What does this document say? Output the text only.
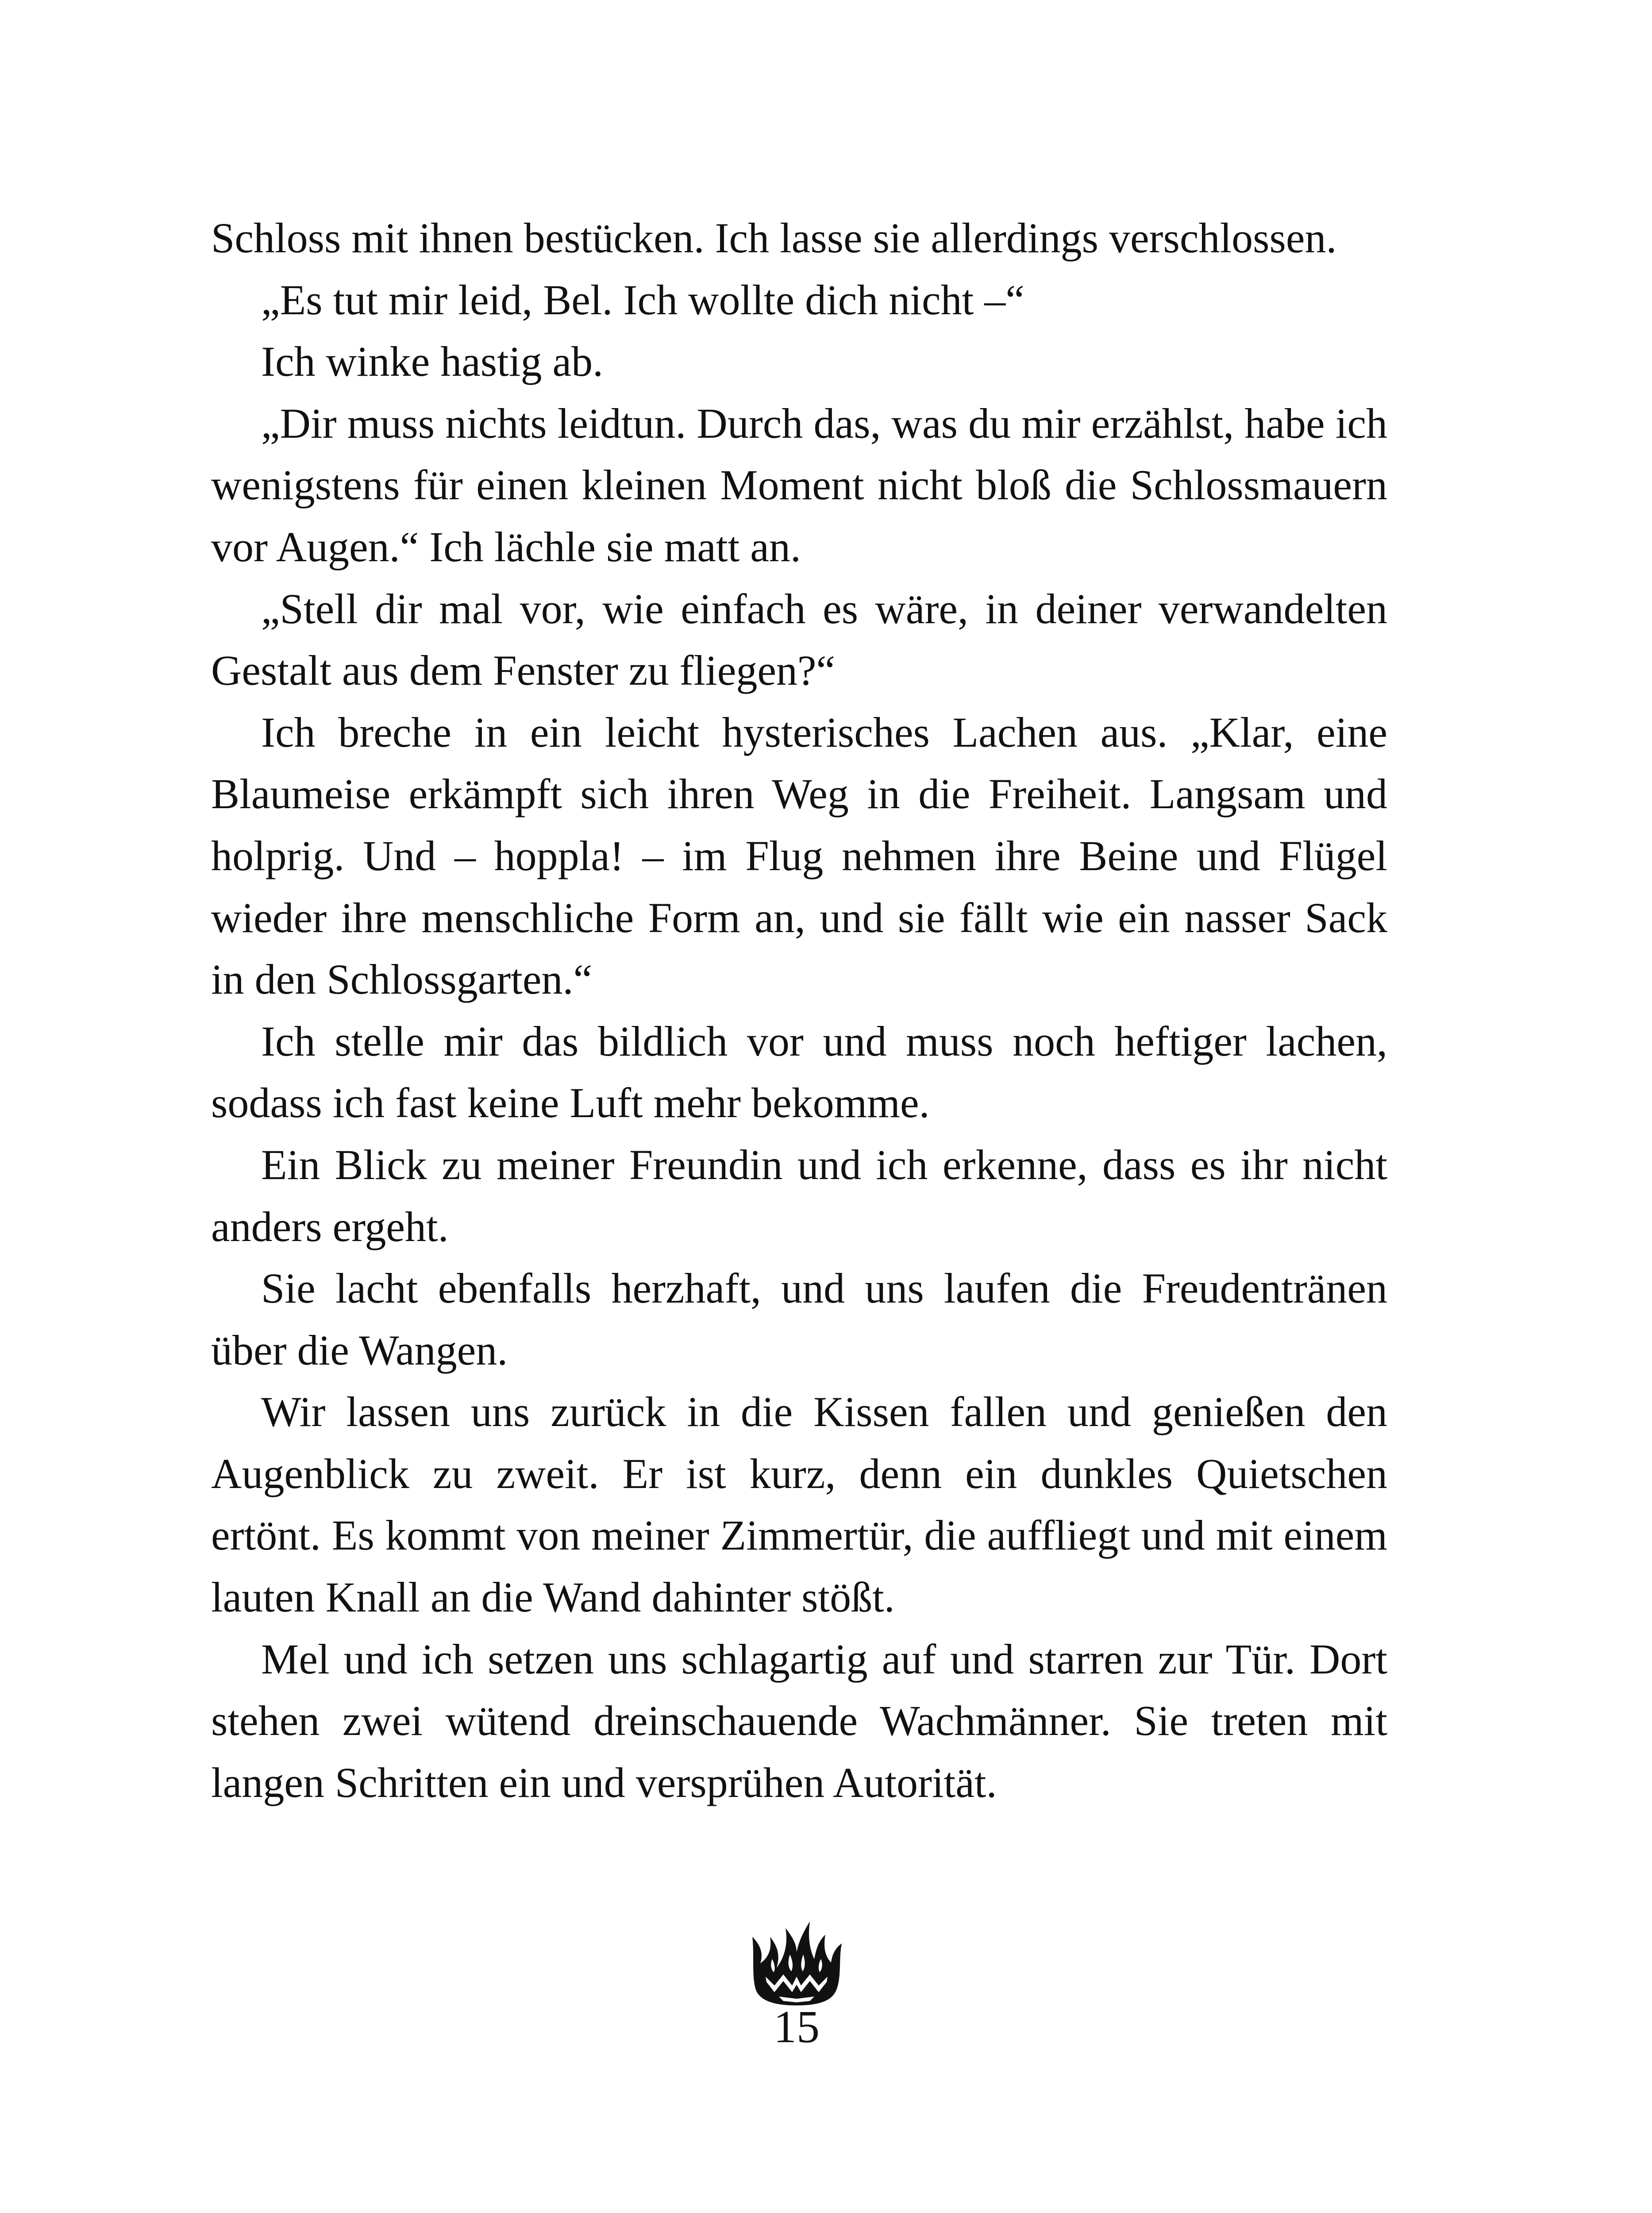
Schloss mit ihnen bestücken. Ich lasse sie allerdings verschlossen.

„Es tut mir leid, Bel. Ich wollte dich nicht –“

Ich winke hastig ab.

„Dir muss nichts leidtun. Durch das, was du mir erzählst, habe ich wenigstens für einen kleinen Moment nicht bloß die Schlossmauern vor Augen.“ Ich lächle sie matt an.

„Stell dir mal vor, wie einfach es wäre, in deiner verwandelten Gestalt aus dem Fenster zu fliegen?“

Ich breche in ein leicht hysterisches Lachen aus. „Klar, eine Blaumeise erkämpft sich ihren Weg in die Freiheit. Langsam und holprig. Und – hoppla! – im Flug nehmen ihre Beine und Flügel wieder ihre menschliche Form an, und sie fällt wie ein nasser Sack in den Schlossgarten.“

Ich stelle mir das bildlich vor und muss noch heftiger lachen, sodass ich fast keine Luft mehr bekomme.

Ein Blick zu meiner Freundin und ich erkenne, dass es ihr nicht anders ergeht.

Sie lacht ebenfalls herzhaft, und uns laufen die Freudentränen über die Wangen.

Wir lassen uns zurück in die Kissen fallen und genießen den Augenblick zu zweit. Er ist kurz, denn ein dunkles Quietschen ertönt. Es kommt von meiner Zimmertür, die auffliegt und mit einem lauten Knall an die Wand dahinter stößt.

Mel und ich setzen uns schlagartig auf und starren zur Tür. Dort stehen zwei wütend dreinschauende Wachmänner. Sie treten mit langen Schritten ein und versprühen Autorität.

15
